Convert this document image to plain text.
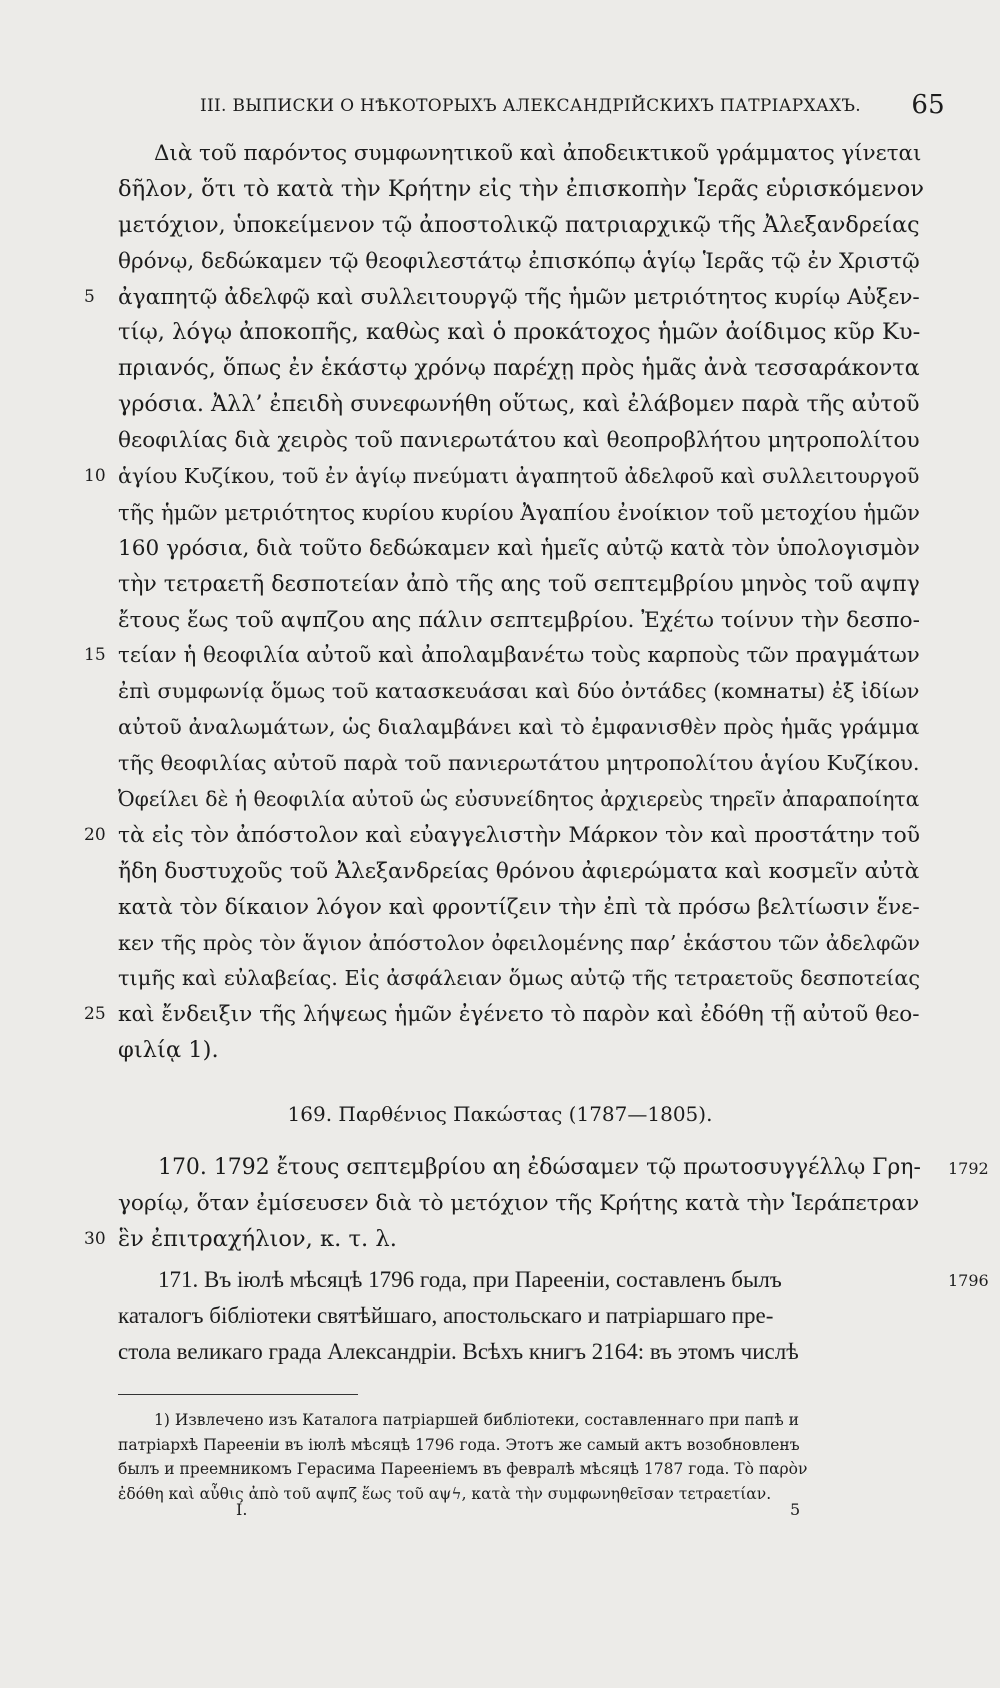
III. ВЫПИСКИ О НѢКОТОРЫХЪ АЛЕКСАНДРІЙСКИХЪ ПАТРІАРХАХЪ. 65
Διὰ τοῦ παρόντος συμφωνητικοῦ καὶ ἀποδεικτικοῦ γράμματος γίνεται
δῆλον, ὅτι τὸ κατὰ τὴν Κρήτην εἰς τὴν ἐπισκοπὴν Ἱερᾶς εὑρισκόμενον
μετόχιον, ὑποκείμενον τῷ ἀποστολικῷ πατριαρχικῷ τῆς Ἀλεξανδρείας
θρόνῳ, δεδώκαμεν τῷ θεοφιλεστάτῳ ἐπισκόπῳ ἁγίῳ Ἱερᾶς τῷ ἐν Χριστῷ
5	ἀγαπητῷ ἀδελφῷ καὶ συλλειτουργῷ τῆς ἡμῶν μετριότητος κυρίῳ Αὐξεν-
τίῳ, λόγῳ ἀποκοπῆς, καθὼς καὶ ὁ προκάτοχος ἡμῶν ἀοίδιμος κῦρ Κυ-
πριανός, ὅπως ἐν ἑκάστῳ χρόνῳ παρέχῃ πρὸς ἡμᾶς ἀνὰ τεσσαράκοντα
γρόσια. Ἀλλ’ ἐπειδὴ συνεφωνήθη οὕτως, καὶ ἐλάβομεν παρὰ τῆς αὐτοῦ
θεοφιλίας διὰ χειρὸς τοῦ πανιερωτάτου καὶ θεοπροβλήτου μητροπολίτου
10 ἁγίου Κυζίκου, τοῦ ἐν ἁγίῳ πνεύματι ἀγαπητοῦ ἀδελφοῦ καὶ συλλειτουργοῦ
τῆς ἡμῶν μετριότητος κυρίου κυρίου Ἀγαπίου ἐνοίκιον τοῦ μετοχίου ἡμῶν
160 γρόσια, διὰ τοῦτο δεδώκαμεν καὶ ἡμεῖς αὐτῷ κατὰ τὸν ὑπολογισμὸν
τὴν τετραετῆ δεσποτείαν ἀπὸ τῆς αης τοῦ σεπτεμβρίου μηνὸς τοῦ αψπγ
ἔτους ἕως τοῦ αψπζου αης πάλιν σεπτεμβρίου. Ἐχέτω τοίνυν τὴν δεσπο-
15 τείαν ἡ θεοφιλία αὐτοῦ καὶ ἀπολαμβανέτω τοὺς καρποὺς τῶν πραγμάτων
ἐπὶ συμφωνίᾳ ὅμως τοῦ κατασκευάσαι καὶ δύο ὀντάδες (комнаты) ἐξ ἰδίων
αὐτοῦ ἀναλωμάτων, ὡς διαλαμβάνει καὶ τὸ ἐμφανισθὲν πρὸς ἡμᾶς γράμμα
τῆς θεοφιλίας αὐτοῦ παρὰ τοῦ πανιερωτάτου μητροπολίτου ἁγίου Κυζίκου.
Ὀφείλει δὲ ἡ θεοφιλία αὐτοῦ ὡς εὐσυνείδητος ἀρχιερεὺς τηρεῖν ἀπαραποίητα
20 τὰ εἰς τὸν ἀπόστολον καὶ εὐαγγελιστὴν Μάρκον τὸν καὶ προστάτην τοῦ
ἤδη δυστυχοῦς τοῦ Ἀλεξανδρείας θρόνου ἀφιερώματα καὶ κοσμεῖν αὐτὰ
κατὰ τὸν δίκαιον λόγον καὶ φροντίζειν τὴν ἐπὶ τὰ πρόσω βελτίωσιν ἕνε-
κεν τῆς πρὸς τὸν ἅγιον ἀπόστολον ὀφειλομένης παρ’ ἑκάστου τῶν ἀδελφῶν
τιμῆς καὶ εὐλαβείας. Εἰς ἀσφάλειαν ὅμως αὐτῷ τῆς τετραετοῦς δεσποτείας
25 καὶ ἔνδειξιν τῆς λήψεως ἡμῶν ἐγένετο τὸ παρὸν καὶ ἐδόθη τῇ αὐτοῦ θεο-
φιλίᾳ 1).
169. Παρθένιος Πακώστας (1787—1805).
170. 1792 ἔτους σεπτεμβρίου αη ἐδώσαμεν τῷ πρωτοσυγγέλλῳ Γρη-
γορίῳ, ὅταν ἐμίσευσεν διὰ τὸ μετόχιον τῆς Κρήτης κατὰ τὴν Ἱεράπετραν
30 ἓν ἐπιτραχήλιον, κ. τ. λ.
1792
171. Въ іюлѣ мѣсяцѣ 1796 года, при Пареенiи, составленъ былъ
каталогъ бібліотеки святѣйшаго, апостольскаго и патріаршаго пре-
стола великаго града Александріи. Всѣхъ книгъ 2164: въ этомъ числѣ
1796
1) Извлечено изъ Каталога патріаршей библіотеки, составленнаго при папѣ и
патріархѣ Пареенiи въ іюлѣ мѣсяцѣ 1796 года. Этотъ же самый актъ возобновленъ
былъ и преемникомъ Герасима Пареенiемъ въ февралѣ мѣсяцѣ 1787 года. Τὸ παρὸν
ἐδόθη καὶ αὖθις ἀπὸ τοῦ αψπζ ἕως τοῦ αψϟ, κατὰ τὴν συμφωνηθεῖσαν τετραετίαν.
I.	5
